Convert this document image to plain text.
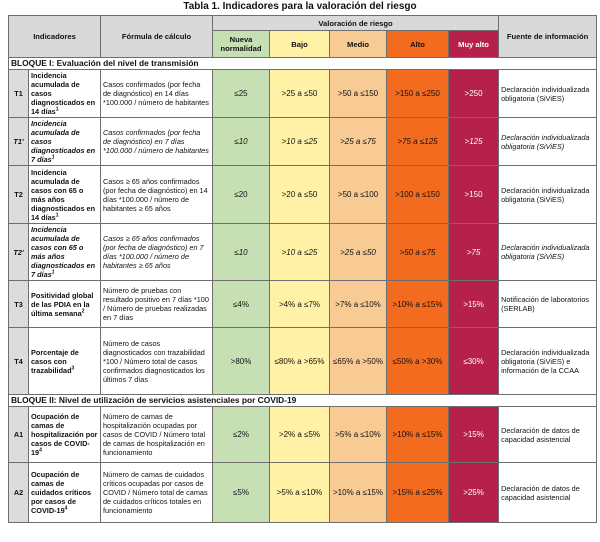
Tabla 1. Indicadores para la valoración del riesgo
Indicadores		Fórmula de cálculo	Valoración de riesgo					Fuente de información
			Nueva normalidad	Bajo	Medio	Alto	Muy alto	
BLOQUE I: Evaluación del nivel de transmisión								
T1	Incidencia acumulada de casos diagnosticados en 14 días$^1$	Casos confirmados (por fecha de diagnóstico) en 14 días *100.000 / número de habitantes	≤25	>25 a ≤50	>50 a ≤150	>150 a ≤250	>250	Declaración individualizada obligatoria (SiViES)
T1'	Incidencia acumulada de casos diagnosticados en 7 días$^1$	Casos confirmados (por fecha de diagnóstico) en 7 días *100.000 / número de habitantes	≤10	>10 a ≤25	>25 a ≤75	>75 a ≤125	>125	Declaración individualizada obligatoria (SiViES)
T2	Incidencia acumulada de casos con 65 o más años diagnosticados en 14 días$^1$	Casos ≥ 65 años confirmados (por fecha de diagnóstico) en 14 días *100.000 / número de habitantes ≥ 65 años	≤20	>20 a ≤50	>50 a ≤100	>100 a ≤150	>150	Declaración individualizada obligatoria (SiViES)
T2'	Incidencia acumulada de casos con 65 o más años diagnosticados en 7 días$^1$	Casos ≥ 65 años confirmados (por fecha de diagnóstico) en 7 días *100.000 / número de habitantes ≥ 65 años	≤10	>10 a ≤25	>25 a ≤50	>50 a ≤75	>75	Declaración individualizada obligatoria (SiViES)
T3	Positividad global de las PDIA en la última semana$^2$	Número de pruebas con resultado positivo en 7 días *100 / Número de pruebas realizadas en 7 días	≤4%	>4% a ≤7%	>7% a ≤10%	>10% a ≤15%	>15%	Notificación de laboratorios (SERLAB)
T4	Porcentaje de casos con trazabilidad$^3$	Número de casos diagnosticados con trazabilidad *100 / Número total de casos confirmados diagnosticados los últimos 7 días	>80%	≤80% a >65%	≤65% a >50%	≤50% a >30%	≤30%	Declaración individualizada obligatoria (SiViES) e información de la CCAA
BLOQUE II: Nivel de utilización de servicios asistenciales por COVID-19								
A1	Ocupación de camas de hospitalización por casos de COVID-$19^4$	Número de camas de hospitalización ocupadas por casos de COVID / Número total de camas de hospitalización en funcionamiento	≤2%	>2% a ≤5%	>5% a ≤10%	>10% a ≤15%	>15%	Declaración de datos de capacidad asistencial
A2	Ocupación de camas de cuidados críticos por casos de COVID-$19^4$	Número de camas de cuidados críticos ocupadas por casos de COVID / Número total de camas de cuidados críticos totales en funcionamiento	≤5%	>5% a ≤10%	>10% a ≤15%	>15% a ≤25%	>25%	Declaración de datos de capacidad asistencial
